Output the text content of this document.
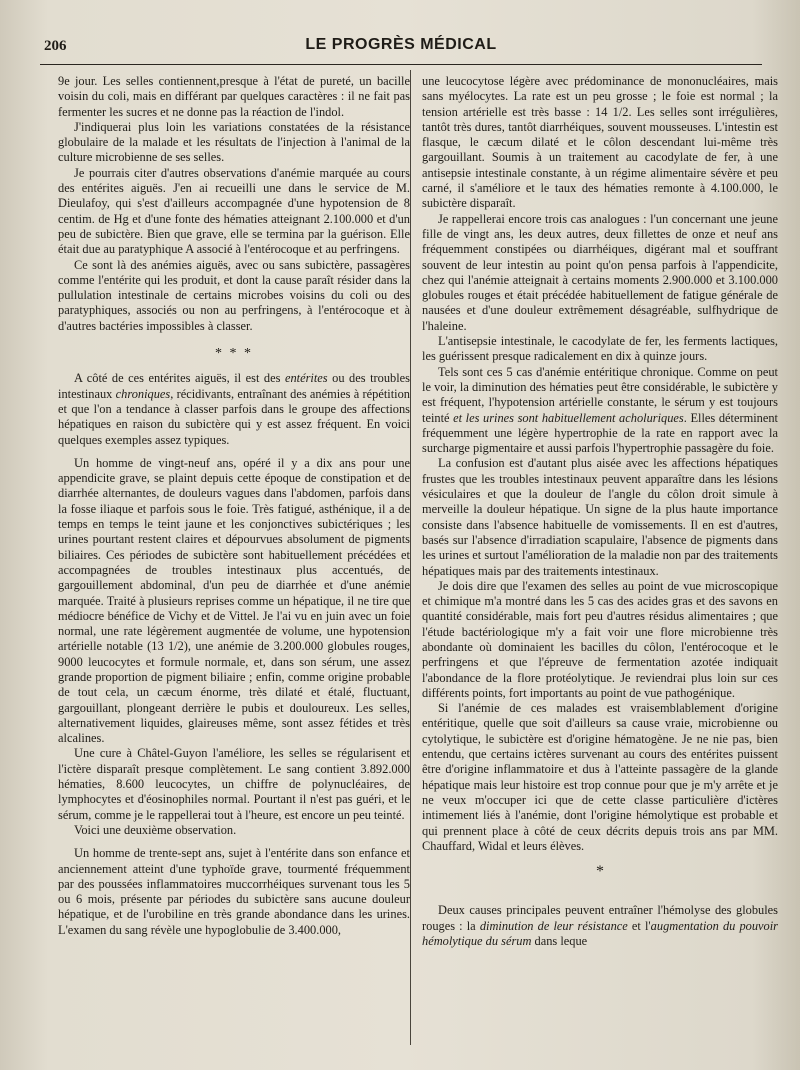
206	LE PROGRÈS MÉDICAL

9e jour. Les selles contiennent,presque à l'état de pureté, un bacille voisin du coli, mais en différant par quelques caractères : il ne fait pas fermenter les sucres et ne donne pas la réaction de l'indol.

J'indiquerai plus loin les variations constatées de la résistance globulaire de la malade et les résultats de l'injection à l'animal de la culture microbienne de ses selles.

Je pourrais citer d'autres observations d'anémie marquée au cours des entérites aiguës. J'en ai recueilli une dans le service de M. Dieulafoy, qui s'est d'ailleurs accompagnée d'une hypotension de 8 centim. de Hg et d'une fonte des hématies atteignant 2.100.000 et d'un peu de subictère. Bien que grave, elle se termina par la guérison. Elle était due au paratyphique A associé à l'entérocoque et au perfringens.

Ce sont là des anémies aiguës, avec ou sans subictère, passagères comme l'entérite qui les produit, et dont la cause paraît résider dans la pullulation intestinale de certains microbes voisins du coli ou des paratyphiques, associés ou non au perfringens, à l'entérocoque et à d'autres bactéries impossibles à classer.

* * *

A côté de ces entérites aiguës, il est des entérites ou des troubles intestinaux chroniques, récidivants, entraînant des anémies à répétition et que l'on a tendance à classer parfois dans le groupe des affections hépatiques en raison du subictère qui y est assez fréquent. En voici quelques exemples assez typiques.

Un homme de vingt-neuf ans, opéré il y a dix ans pour une appendicite grave, se plaint depuis cette époque de constipation et de diarrhée alternantes, de douleurs vagues dans l'abdomen, parfois dans la fosse iliaque et parfois sous le foie. Très fatigué, asthénique, il a de temps en temps le teint jaune et les conjonctives subictériques ; les urines pourtant restent claires et dépourvues absolument de pigments biliaires. Ces périodes de subictère sont habituellement précédées et accompagnées de troubles intestinaux plus accentués, de gargouillement abdominal, d'un peu de diarrhée et d'une anémie marquée. Traité à plusieurs reprises comme un hépatique, il ne tire que médiocre bénéfice de Vichy et de Vittel. Je l'ai vu en juin avec un foie normal, une rate légèrement augmentée de volume, une hypotension artérielle notable (13 1/2), une anémie de 3.200.000 globules rouges, 9000 leucocytes et formule normale, et, dans son sérum, une assez grande proportion de pigment biliaire ; enfin, comme origine probable de tout cela, un cæcum énorme, très dilaté et étalé, fluctuant, gargouillant, plongeant derrière le pubis et douloureux. Les selles, alternativement liquides, glaireuses même, sont assez fétides et très alcalines.

Une cure à Châtel-Guyon l'améliore, les selles se régularisent et l'ictère disparaît presque complètement. Le sang contient 3.892.000 hématies, 8.600 leucocytes, un chiffre de polynucléaires, de lymphocytes et d'éosinophiles normal. Pourtant il n'est pas guéri, et le sérum, comme je le rappellerai tout à l'heure, est encore un peu teinté.

Voici une deuxième observation.

Un homme de trente-sept ans, sujet à l'entérite dans son enfance et anciennement atteint d'une typhoïde grave, tourmenté fréquemment par des poussées inflammatoires muccorrhéiques survenant tous les 5 ou 6 mois, présente par périodes du subictère sans aucune douleur hépatique, et de l'urobiline en très grande abondance dans les urines. L'examen du sang révèle une hypoglobulie de 3.400.000,

une leucocytose légère avec prédominance de mononucléaires, mais sans myélocytes. La rate est un peu grosse ; le foie est normal ; la tension artérielle est très basse : 14 1/2. Les selles sont irrégulières, tantôt très dures, tantôt diarrhéiques, souvent mousseuses. L'intestin est flasque, le cæcum dilaté et le côlon descendant lui-même très gargouillant. Soumis à un traitement au cacodylate de fer, à une antisepsie intestinale constante, à un régime alimentaire sévère et peu carné, il s'améliore et le taux des hématies remonte à 4.100.000, le subictère disparaît.

Je rappellerai encore trois cas analogues : l'un concernant une jeune fille de vingt ans, les deux autres, deux fillettes de onze et neuf ans fréquemment constipées ou diarrhéiques, digérant mal et souffrant souvent de leur intestin au point qu'on pensa parfois à l'appendicite, chez qui l'anémie atteignait à certains moments 2.900.000 et 3.100.000 globules rouges et était précédée habituellement de fatigue générale de nausées et d'une douleur extrêmement désagréable, sulfhydrique de l'haleine.

L'antisepsie intestinale, le cacodylate de fer, les ferments lactiques, les guérissent presque radicalement en dix à quinze jours.

Tels sont ces 5 cas d'anémie entéritique chronique. Comme on peut le voir, la diminution des hématies peut être considérable, le subictère y est fréquent, l'hypotension artérielle constante, le sérum y est toujours teinté et les urines sont habituellement acholuriques. Elles déterminent fréquemment une légère hypertrophie de la rate en rapport avec la surcharge pigmentaire et aussi parfois l'hypertrophie passagère du foie.

La confusion est d'autant plus aisée avec les affections hépatiques frustes que les troubles intestinaux peuvent apparaître dans les lésions vésiculaires et que la douleur de l'angle du côlon droit simule à merveille la douleur hépatique. Un signe de la plus haute importance consiste dans l'absence habituelle de vomissements. Il en est d'autres, basés sur l'absence d'irradiation scapulaire, l'absence de pigments dans les urines et surtout l'amélioration de la maladie non par des traitements hépatiques mais par des traitements intestinaux.

Je dois dire que l'examen des selles au point de vue microscopique et chimique m'a montré dans les 5 cas des acides gras et des savons en quantité considérable, mais fort peu d'autres résidus alimentaires ; que l'étude bactériologique m'y a fait voir une flore microbienne très abondante où dominaient les bacilles du côlon, l'entérocoque et le perfringens et que l'épreuve de fermentation azotée indiquait l'abondance de la flore protéolytique. Je reviendrai plus loin sur ces différents points, fort importants au point de vue pathogénique.

Si l'anémie de ces malades est vraisemblablement d'origine entéritique, quelle que soit d'ailleurs sa cause vraie, microbienne ou cytolytique, le subictère est d'origine hématogène. Je ne nie pas, bien entendu, que certains ictères survenant au cours des entérites puissent être d'origine inflammatoire et dus à l'atteinte passagère de la glande hépatique mais leur histoire est trop connue pour que je m'y arrête et je ne veux m'occuper ici que de cette classe particulière d'ictères intimement liés à l'anémie, dont l'origine hémolytique est probable et qui prennent place à côté de ceux décrits depuis trois ans par MM. Chauffard, Widal et leurs élèves.

*

Deux causes principales peuvent entraîner l'hémolyse des globules rouges : la diminution de leur résistance et l'augmentation du pouvoir hémolytique du sérum dans leque
